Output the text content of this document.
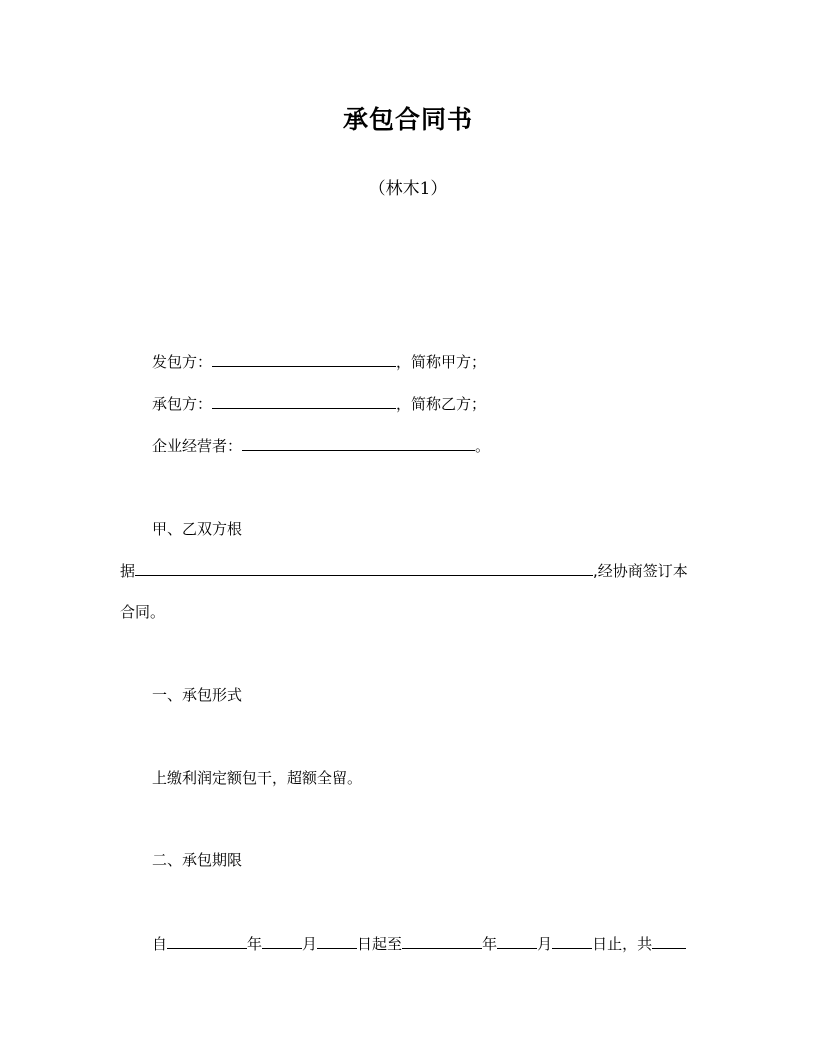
承包合同书
（林木1）
发包方：	，简称甲方；
承包方：	，简称乙方；
企业经营者：	。
甲、乙双方根
据	,经协商签订本
合同。
一、承包形式
上缴利润定额包干，超额全留。
二、承包期限
自	年	月	日起至	年	月	日止，共
